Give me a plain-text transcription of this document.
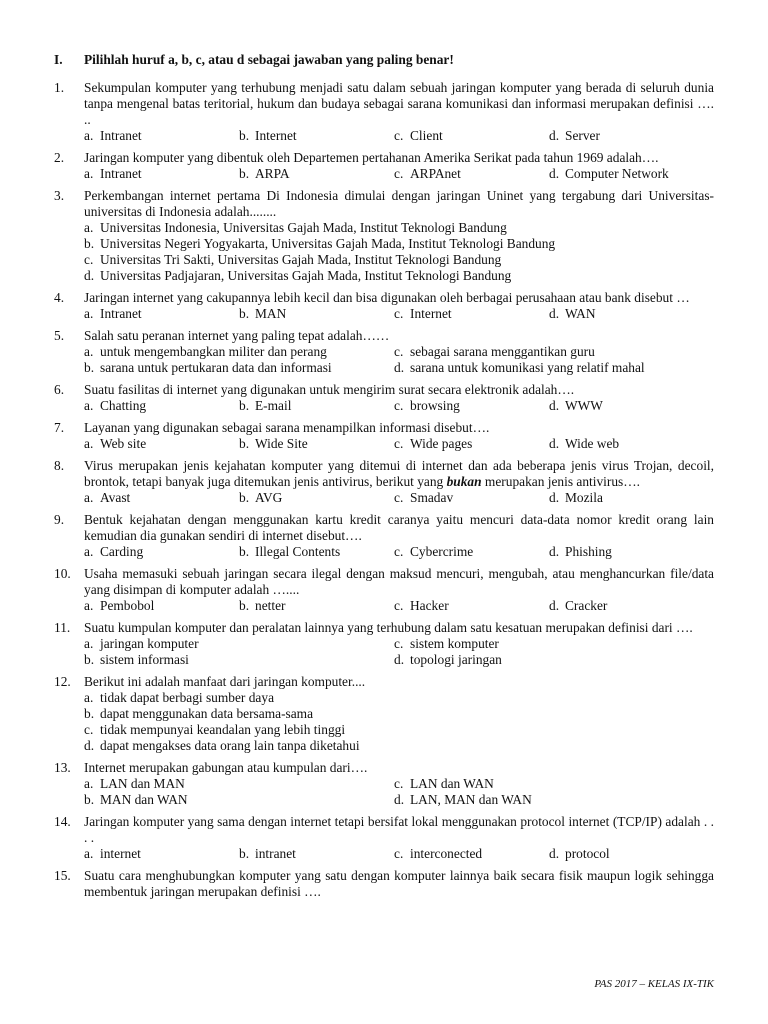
I.	Pilihlah huruf a, b, c, atau d sebagai jawaban yang paling benar!
1.	Sekumpulan komputer yang terhubung menjadi satu dalam sebuah jaringan komputer yang berada di seluruh dunia tanpa mengenal batas teritorial, hukum dan budaya sebagai sarana komunikasi dan informasi merupakan definisi …. ..
a. Intranet	b. Internet	c. Client	d. Server
2.	Jaringan komputer yang dibentuk oleh Departemen pertahanan Amerika Serikat pada tahun 1969 adalah….
a. Intranet	b. ARPA	c. ARPAnet	d. Computer Network
3.	Perkembangan internet pertama Di Indonesia dimulai dengan jaringan Uninet yang tergabung dari Universitas-universitas di Indonesia adalah........
a. Universitas Indonesia, Universitas Gajah Mada, Institut Teknologi Bandung
b. Universitas Negeri Yogyakarta, Universitas Gajah Mada, Institut Teknologi Bandung
c. Universitas Tri Sakti, Universitas Gajah Mada, Institut Teknologi Bandung
d. Universitas Padjajaran, Universitas Gajah Mada, Institut Teknologi Bandung
4.	Jaringan internet yang cakupannya lebih kecil dan bisa digunakan oleh berbagai perusahaan atau bank disebut …
a. Intranet	b. MAN	c. Internet	d. WAN
5.	Salah satu peranan internet yang paling tepat adalah……
a. untuk mengembangkan militer dan perang	c. sebagai sarana menggantikan guru
b. sarana untuk pertukaran data dan informasi	d. sarana untuk komunikasi yang relatif mahal
6.	Suatu fasilitas di internet yang digunakan untuk mengirim surat secara elektronik adalah….
a. Chatting	b. E-mail	c. browsing	d. WWW
7.	Layanan yang digunakan sebagai sarana menampilkan informasi disebut….
a. Web site	b. Wide Site	c. Wide pages	d. Wide web
8.	Virus merupakan jenis kejahatan komputer yang ditemui di internet dan ada beberapa jenis virus Trojan, decoil, brontok, tetapi banyak juga ditemukan jenis antivirus, berikut yang bukan merupakan jenis antivirus….
a. Avast	b. AVG	c. Smadav	d. Mozila
9.	Bentuk kejahatan dengan menggunakan kartu kredit caranya yaitu mencuri data-data nomor kredit orang lain kemudian dia gunakan sendiri di internet disebut….
a. Carding	b. Illegal Contents	c. Cybercrime	d. Phishing
10. Usaha memasuki sebuah jaringan secara ilegal dengan maksud mencuri, mengubah, atau menghancurkan file/data yang disimpan di komputer adalah …....
a. Pembobol	b. netter	c. Hacker	d. Cracker
11.	Suatu kumpulan komputer dan peralatan lainnya yang terhubung dalam satu kesatuan merupakan definisi dari ….
a. jaringan komputer	c. sistem komputer
b. sistem informasi	d. topologi jaringan
12. Berikut ini adalah manfaat dari jaringan komputer....
a. tidak dapat berbagi sumber daya
b. dapat menggunakan data bersama-sama
c. tidak mempunyai keandalan yang lebih tinggi
d. dapat mengakses data orang lain tanpa diketahui
13. Internet merupakan gabungan atau kumpulan dari….
a. LAN dan MAN	c. LAN dan WAN
b. MAN dan WAN	d. LAN, MAN dan WAN
14. Jaringan komputer yang sama dengan internet tetapi bersifat lokal menggunakan protocol internet (TCP/IP) adalah . . . .
a. internet	b. intranet	c. interconected	d. protocol
15. Suatu cara menghubungkan komputer yang satu dengan komputer lainnya baik secara fisik maupun logik sehingga membentuk jaringan merupakan definisi ….
PAS 2017 – KELAS IX-TIK
